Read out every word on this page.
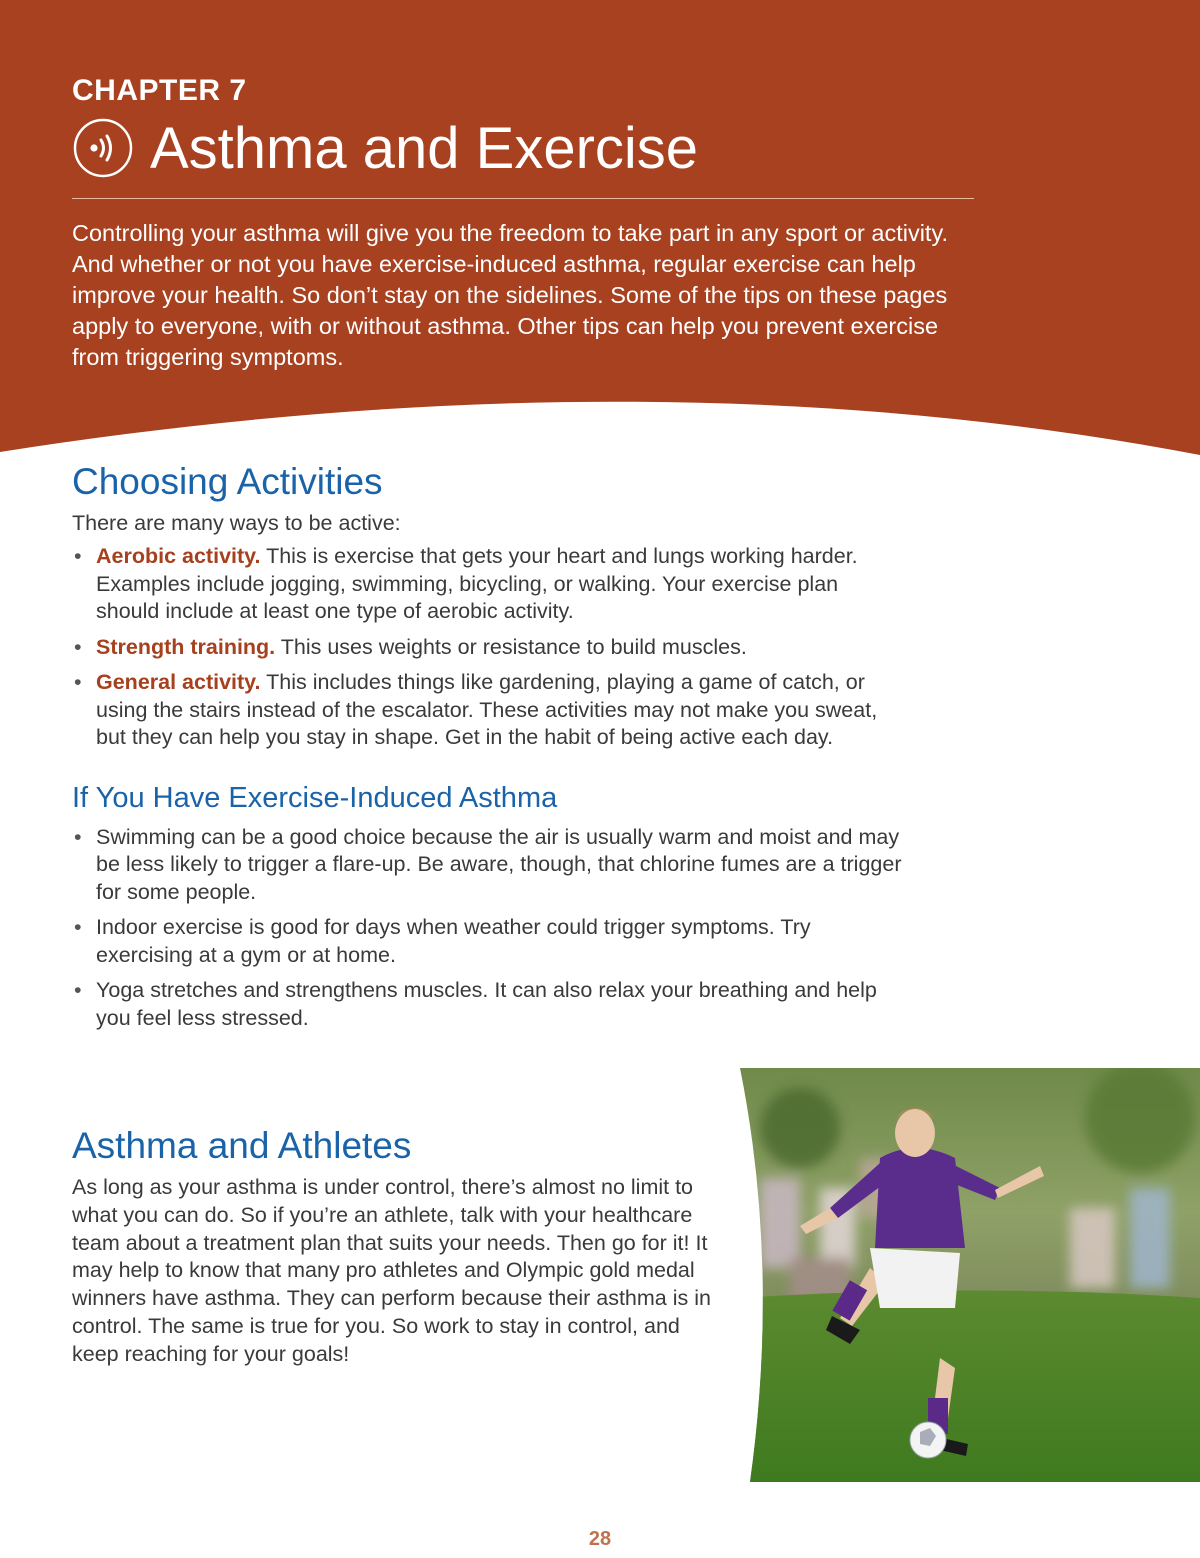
CHAPTER 7
Asthma and Exercise

Controlling your asthma will give you the freedom to take part in any sport or activity. And whether or not you have exercise-induced asthma, regular exercise can help improve your health. So don’t stay on the sidelines. Some of the tips on these pages apply to everyone, with or without asthma. Other tips can help you prevent exercise from triggering symptoms.

Choosing Activities

There are many ways to be active:

• Aerobic activity. This is exercise that gets your heart and lungs working harder. Examples include jogging, swimming, bicycling, or walking. Your exercise plan should include at least one type of aerobic activity.
• Strength training. This uses weights or resistance to build muscles.
• General activity. This includes things like gardening, playing a game of catch, or using the stairs instead of the escalator. These activities may not make you sweat, but they can help you stay in shape. Get in the habit of being active each day.
If You Have Exercise-Induced Asthma
• Swimming can be a good choice because the air is usually warm and moist and may be less likely to trigger a flare-up. Be aware, though, that chlorine fumes are a trigger for some people.
• Indoor exercise is good for days when weather could trigger symptoms. Try exercising at a gym or at home.
• Yoga stretches and strengthens muscles. It can also relax your breathing and help you feel less stressed.
Asthma and Athletes

As long as your asthma is under control, there’s almost no limit to what you can do. So if you’re an athlete, talk with your healthcare team about a treatment plan that suits your needs. Then go for it! It may help to know that many pro athletes and Olympic gold medal winners have asthma. They can perform because their asthma is in control. The same is true for you. So work to stay in control, and keep reaching for your goals!

28
